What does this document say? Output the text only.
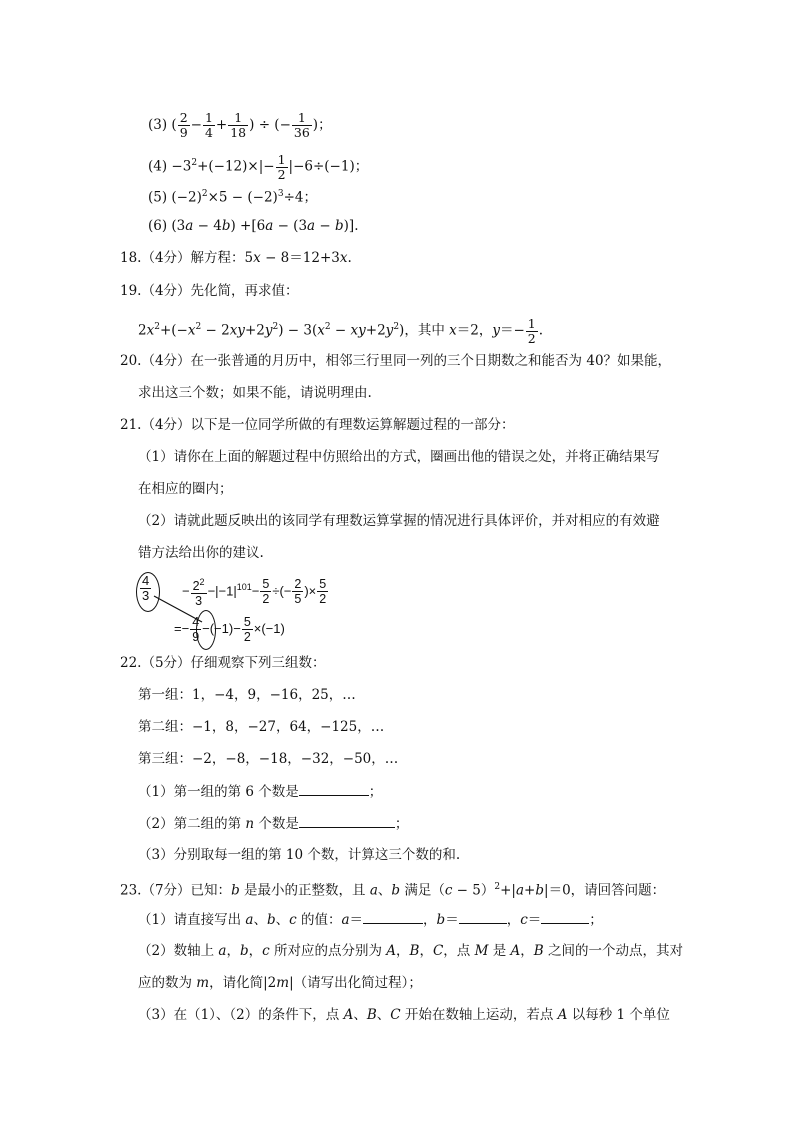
(3) ( $\frac{2}{9} - \frac{1}{4} + \frac{1}{18}$ ) ÷ (− $\frac{1}{36}$ )；
$(4) -3^2+(-12)\times|- \frac{1}{2} |-6\div(-1)$；
(5) $(-2)^2\times 5 - (-2)^3\div 4$；
(6) (3a − 4b) +[6a − (3a − b)].
18.（4分）解方程：5x − 8＝12+3x.
19.（4分）先化简，再求值：
$2x^2+(-x^2 - 2xy+2y^2) - 3(x^2 - xy+2y^2)$，其中 x＝2，$y=- \frac{1}{2}$ .
20.（4分）在一张普通的月历中，相邻三行里同一列的三个日期数之和能否为 40？如果能，
求出这三个数；如果不能，请说明理由.
21.（4分）以下是一位同学所做的有理数运算解题过程的一部分：
（1）请你在上面的解题过程中仿照给出的方式，圈画出他的错误之处，并将正确结果写
在相应的圈内；
（2）请就此题反映出的该同学有理数运算掌握的情况进行具体评价，并对相应的有效避
错方法给出你的建议.
$\frac{4}{3} - \frac{2^2}{3} -|-1|^{101}- \frac{5}{2}$ ÷(− $\frac{2}{5}$ )× $\frac{5}{2}$
=− $\frac{4}{9} -(-1)- \frac{5}{2} \times(-1)$
22.（5分）仔细观察下列三组数：
第一组：1，−4，9，−16，25，…
第二组：−1，8，−27，64，−125，…
第三组：−2，−8，−18，−32，−50，…
（1）第一组的第 6 个数是	；
（2）第二组的第 n 个数是	；
（3）分别取每一组的第 10 个数，计算这三个数的和.
23.（7分）已知：b 是最小的正整数，且 a、b 满足$(c - 5)^2+|a+b|=0$，请回答问题：
（1）请直接写出 a、b、c 的值：a＝	，b＝	，c＝	；
（2）数轴上 a，b，c 所对应的点分别为 A，B，C，点 M 是 A，B 之间的一个动点，其对
应的数为 m，请化简|2m|（请写出化简过程）；
（3）在（1）、（2）的条件下，点 A、B、C 开始在数轴上运动，若点 A 以每秒 1 个单位
